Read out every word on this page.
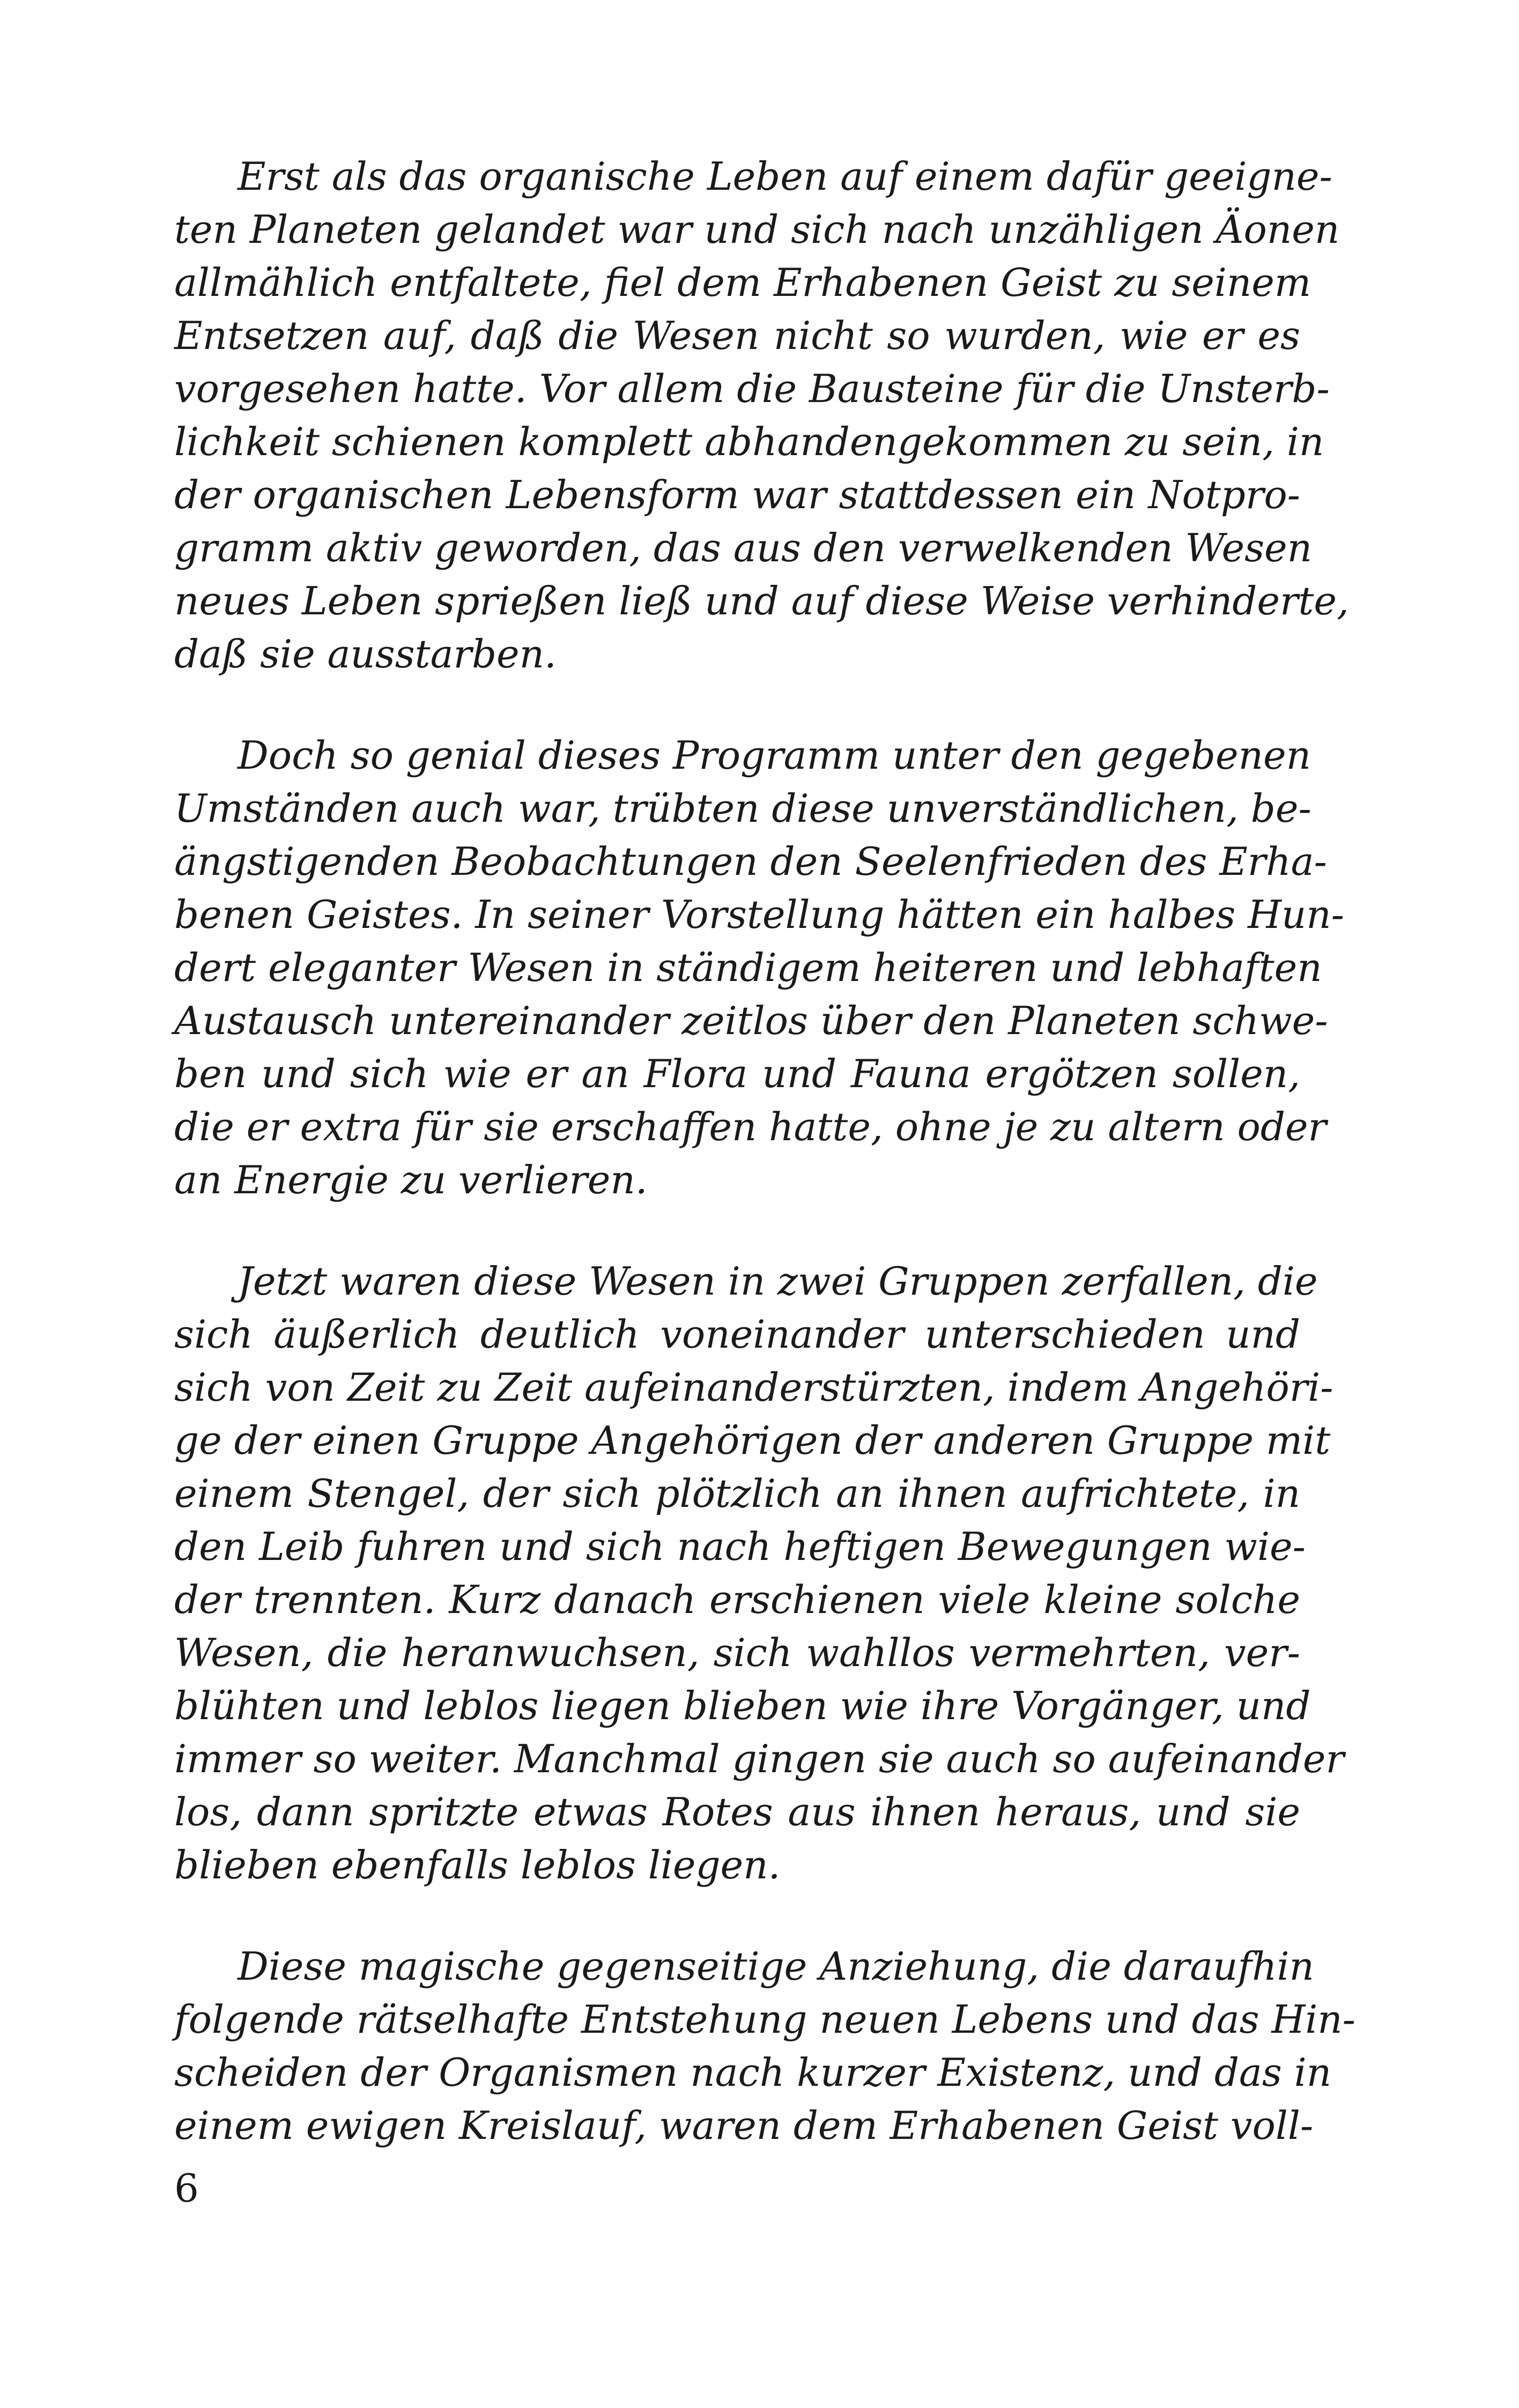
Erst als das organische Leben auf einem dafür geeigne-
ten Planeten gelandet war und sich nach unzähligen Äonen
allmählich entfaltete, fiel dem Erhabenen Geist zu seinem
Entsetzen auf, daß die Wesen nicht so wurden, wie er es
vorgesehen hatte. Vor allem die Bausteine für die Unsterb-
lichkeit schienen komplett abhandengekommen zu sein, in
der organischen Lebensform war stattdessen ein Notpro-
gramm aktiv geworden, das aus den verwelkenden Wesen
neues Leben sprießen ließ und auf diese Weise verhinderte,
daß sie ausstarben.
Doch so genial dieses Programm unter den gegebenen
Umständen auch war, trübten diese unverständlichen, be-
ängstigenden Beobachtungen den Seelenfrieden des Erha-
benen Geistes. In seiner Vorstellung hätten ein halbes Hun-
dert eleganter Wesen in ständigem heiteren und lebhaften
Austausch untereinander zeitlos über den Planeten schwe-
ben und sich wie er an Flora und Fauna ergötzen sollen,
die er extra für sie erschaffen hatte, ohne je zu altern oder
an Energie zu verlieren.
Jetzt waren diese Wesen in zwei Gruppen zerfallen, die
sich äußerlich deutlich voneinander unterschieden und
sich von Zeit zu Zeit aufeinanderstürzten, indem Angehöri-
ge der einen Gruppe Angehörigen der anderen Gruppe mit
einem Stengel, der sich plötzlich an ihnen aufrichtete, in
den Leib fuhren und sich nach heftigen Bewegungen wie-
der trennten. Kurz danach erschienen viele kleine solche
Wesen, die heranwuchsen, sich wahllos vermehrten, ver-
blühten und leblos liegen blieben wie ihre Vorgänger, und
immer so weiter. Manchmal gingen sie auch so aufeinander
los, dann spritzte etwas Rotes aus ihnen heraus, und sie
blieben ebenfalls leblos liegen.
Diese magische gegenseitige Anziehung, die daraufhin
folgende rätselhafte Entstehung neuen Lebens und das Hin-
scheiden der Organismen nach kurzer Existenz, und das in
einem ewigen Kreislauf, waren dem Erhabenen Geist voll-
6
